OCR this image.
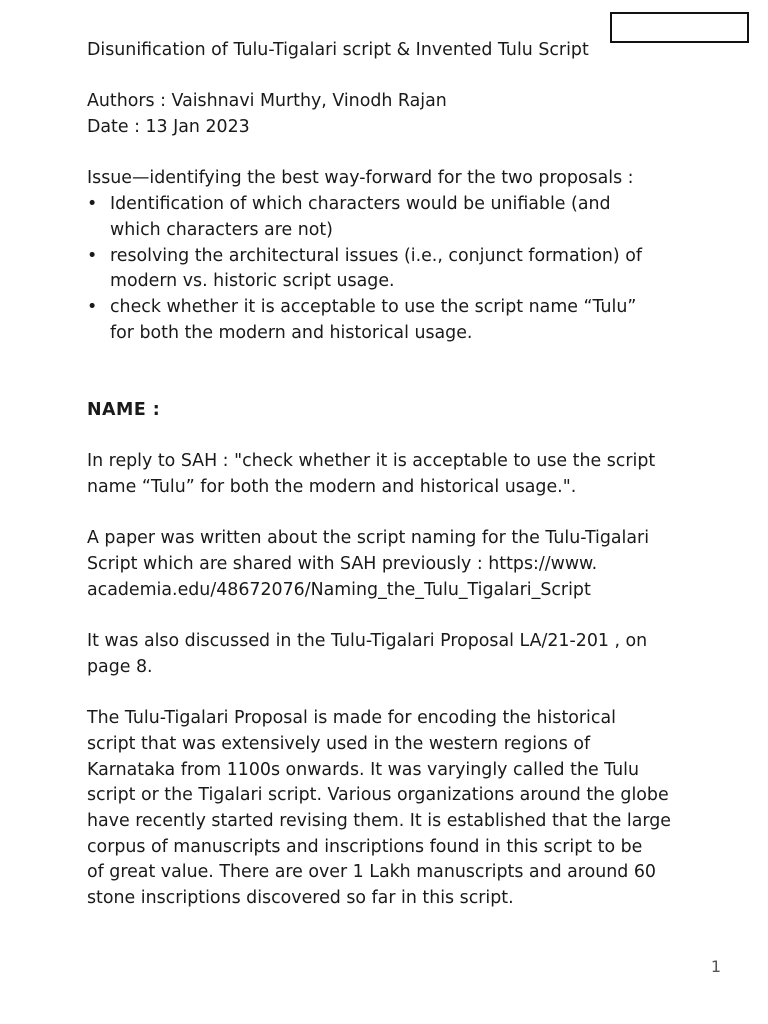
Disunification of Tulu-Tigalari script & Invented Tulu Script

Authors : Vaishnavi Murthy, Vinodh Rajan

Date : 13 Jan 2023

Issue—identifying the best way-forward for the two proposals :

• Identification of which characters would be unifiable (and

which characters are not)

• resolving the architectural issues (i.e., conjunct formation) of

modern vs. historic script usage.

• check whether it is acceptable to use the script name “Tulu”

for both the modern and historical usage.

NAME :

In reply to SAH : "check whether it is acceptable to use the script

name “Tulu” for both the modern and historical usage.".

A paper was written about the script naming for the Tulu-Tigalari

Script which are shared with SAH previously : https://www.

academia.edu/48672076/Naming_the_Tulu_Tigalari_Script

It was also discussed in the Tulu-Tigalari Proposal LA/21-201 , on

page 8.

The Tulu-Tigalari Proposal is made for encoding the historical

script that was extensively used in the western regions of

Karnataka from 1100s onwards. It was varyingly called the Tulu

script or the Tigalari script. Various organizations around the globe

have recently started revising them. It is established that the large

corpus of manuscripts and inscriptions found in this script to be

of great value. There are over 1 Lakh manuscripts and around 60

stone inscriptions discovered so far in this script.

1
